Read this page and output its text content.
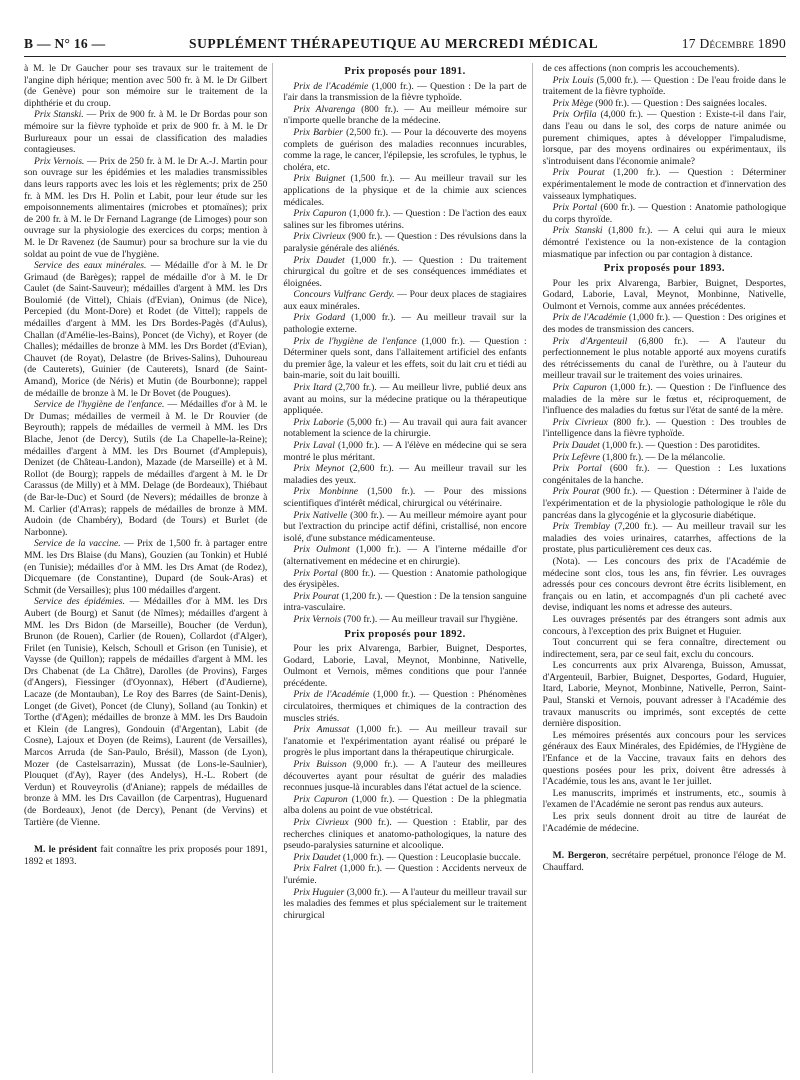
B — N° 16 —	SUPPLÉMENT THÉRAPEUTIQUE AU MERCREDI MÉDICAL	17 Décembre 1890

à M. le Dr Gaucher pour ses travaux sur le traitement de l'angine diph hérique; mention avec 500 fr. à M. le Dr Gilbert (de Genève) pour son mémoire sur le traitement de la diphthérie et du croup.

Prix Stanski. — Prix de 900 fr. à M. le Dr Bordas pour son mémoire sur la fièvre typhoïde et prix de 900 fr. à M. le Dr Burlureaux pour un essai de classification des maladies contagieuses.

Prix Vernois. — Prix de 250 fr. à M. le Dr A.-J. Martin pour son ouvrage sur les épidémies et les maladies transmissibles dans leurs rapports avec les lois et les règlements; prix de 250 fr. à MM. les Drs H. Polin et Labit, pour leur étude sur les empoisonnements alimentaires (microbes et ptomaïnes); prix de 200 fr. à M. le Dr Fernand Lagrange (de Limoges) pour son ouvrage sur la physiologie des exercices du corps; mention à M. le Dr Ravenez (de Saumur) pour sa brochure sur la vie du soldat au point de vue de l'hygiène.

Service des eaux minérales. — Médaille d'or à M. le Dr Grimaud (de Barèges); rappel de médaille d'or à M. le Dr Caulet (de Saint-Sauveur); médailles d'argent à MM. les Drs Boulomié (de Vittel), Chiais (d'Evian), Onimus (de Nice), Percepied (du Mont-Dore) et Rodet (de Vittel); rappels de médailles d'argent à MM. les Drs Bordes-Pagès (d'Aulus), Challan (d'Amélie-les-Bains), Poncet (de Vichy), et Royer (de Challes); médailles de bronze à MM. les Drs Bordet (d'Evian), Chauvet (de Royat), Delastre (de Brives-Salins), Duhoureau (de Cauterets), Guinier (de Cauterets), Isnard (de Saint-Amand), Morice (de Néris) et Mutin (de Bourbonne); rappel de médaille de bronze à M. le Dr Bovet (de Pougues).

Service de l'hygiène de l'enfance. — Médailles d'or à M. le Dr Dumas; médailles de vermeil à M. le Dr Rouvier (de Beyrouth); rappels de médailles de vermeil à MM. les Drs Blache, Jenot (de Dercy), Sutils (de La Chapelle-la-Reine); médailles d'argent à MM. les Drs Bournet (d'Amplepuis), Denizet (de Château-Landon), Mazade (de Marseille) et à M. Rollot (de Bourg); rappels de médailles d'argent à M. le Dr Carassus (de Milly) et à MM. Delage (de Bordeaux), Thiébaut (de Bar-le-Duc) et Sourd (de Nevers); médailles de bronze à M. Carlier (d'Arras); rappels de médailles de bronze à MM. Audoin (de Chambéry), Bodard (de Tours) et Burlet (de Narbonne).

Service de la vaccine. — Prix de 1,500 fr. à partager entre MM. les Drs Blaise (du Mans), Gouzien (au Tonkin) et Hublé (en Tunisie); médailles d'or à MM. les Drs Amat (de Rodez), Dicquemare (de Constantine), Dupard (de Souk-Aras) et Schmit (de Versailles); plus 100 médailles d'argent.

Service des épidémies. — Médailles d'or à MM. les Drs Aubert (de Bourg) et Sanut (de Nîmes); médailles d'argent à MM. les Drs Bidon (de Marseille), Boucher (de Verdun), Brunon (de Rouen), Carlier (de Rouen), Collardot (d'Alger), Frilet (en Tunisie), Kelsch, Schoull et Grison (en Tunisie), et Vaysse (de Quillon); rappels de médailles d'argent à MM. les Drs Chabenat (de La Châtre), Darolles (de Provins), Farges (d'Angers), Fiessinger (d'Oyonnax), Hébert (d'Audierne), Lacaze (de Montauban), Le Roy des Barres (de Saint-Denis), Longet (de Givet), Poncet (de Cluny), Solland (au Tonkin) et Torthe (d'Agen); médailles de bronze à MM. les Drs Baudoin et Klein (de Langres), Gondouin (d'Argentan), Labit (de Cosne), Lajoux et Doyen (de Reims), Laurent (de Versailles), Marcos Arruda (de San-Paulo, Brésil), Masson (de Lyon), Mozer (de Castelsarrazin), Mussat (de Lons-le-Saulnier), Plouquet (d'Ay), Rayer (des Andelys), H.-L. Robert (de Verdun) et Rouveyrolis (d'Aniane); rappels de médailles de bronze à MM. les Drs Cavaillon (de Carpentras), Huguenard (de Bordeaux), Jenot (de Dercy), Penant (de Vervins) et Tartière (de Vienne.

M. le président fait connaître les prix proposés pour 1891, 1892 et 1893.

Prix proposés pour 1891.

Prix de l'Académie (1,000 fr.). — Question : De la part de l'air dans la transmission de la fièvre typhoïde.

Prix Alvarenga (800 fr.). — Au meilleur mémoire sur n'importe quelle branche de la médecine.

Prix Barbier (2,500 fr.). — Pour la découverte des moyens complets de guérison des maladies reconnues incurables, comme la rage, le cancer, l'épilepsie, les scrofules, le typhus, le choléra, etc.

Prix Buignet (1,500 fr.). — Au meilleur travail sur les applications de la physique et de la chimie aux sciences médicales.

Prix Capuron (1,000 fr.). — Question : De l'action des eaux salines sur les fibromes utérins.

Prix Civrieux (900 fr.). — Question : Des révulsions dans la paralysie générale des aliénés.

Prix Daudet (1,000 fr.). — Question : Du traitement chirurgical du goître et de ses conséquences immédiates et éloignées.

Concours Vulfranc Gerdy. — Pour deux places de stagiaires aux eaux minérales.

Prix Godard (1,000 fr.). — Au meilleur travail sur la pathologie externe.

Prix de l'hygiène de l'enfance (1,000 fr.). — Question : Déterminer quels sont, dans l'allaitement artificiel des enfants du premier âge, la valeur et les effets, soit du lait cru et tiédi au bain-marie, soit du lait bouilli.

Prix Itard (2,700 fr.). — Au meilleur livre, publié deux ans avant au moins, sur la médecine pratique ou la thérapeutique appliquée.

Prix Laborie (5,000 fr.) — Au travail qui aura fait avancer notablement la science de la chirurgie.

Prix Laval (1,000 fr.). — A l'élève en médecine qui se sera montré le plus méritant.

Prix Meynot (2,600 fr.). — Au meilleur travail sur les maladies des yeux.

Prix Monbinne (1,500 fr.). — Pour des missions scientifiques d'intérêt médical, chirurgical ou vétérinaire.

Prix Nativelle (300 fr.). — Au meilleur mémoire ayant pour but l'extraction du principe actif défini, cristallisé, non encore isolé, d'une substance médicamenteuse.

Prix Oulmont (1,000 fr.). — A l'interne médaille d'or (alternativement en médecine et en chirurgie).

Prix Portal (800 fr.). — Question : Anatomie pathologique des érysipèles.

Prix Pourat (1,200 fr.). — Question : De la tension sanguine intra-vasculaire.

Prix Vernois (700 fr.). — Au meilleur travail sur l'hygiène.

Prix proposés pour 1892.

Pour les prix Alvarenga, Barbier, Buignet, Desportes, Godard, Laborie, Laval, Meynot, Monbinne, Nativelle, Oulmont et Vernois, mêmes conditions que pour l'année précédente.

Prix de l'Académie (1,000 fr.). — Question : Phénomènes circulatoires, thermiques et chimiques de la contraction des muscles striés.

Prix Amussat (1,000 fr.). — Au meilleur travail sur l'anatomie et l'expérimentation ayant réalisé ou préparé le progrès le plus important dans la thérapeutique chirurgicale.

Prix Buisson (9,000 fr.). — A l'auteur des meilleures découvertes ayant pour résultat de guérir des maladies reconnues jusque-là incurables dans l'état actuel de la science.

Prix Capuron (1,000 fr.). — Question : De la phlegmatia alba dolens au point de vue obstétrical.

Prix Civrieux (900 fr.). — Question : Etablir, par des recherches cliniques et anatomo-pathologiques, la nature des pseudo-paralysies saturnine et alcoolique.

Prix Daudet (1,000 fr.). — Question : Leucoplasie buccale.

Prix Falret (1,000 fr.). — Question : Accidents nerveux de l'urémie.

Prix Huguier (3,000 fr.). — A l'auteur du meilleur travail sur les maladies des femmes et plus spécialement sur le traitement chirurgical

de ces affections (non compris les accouchements).

Prix Louis (5,000 fr.). — Question : De l'eau froide dans le traitement de la fièvre typhoïde.

Prix Mège (900 fr.). — Question : Des saignées locales.

Prix Orfila (4,000 fr.). — Question : Existe-t-il dans l'air, dans l'eau ou dans le sol, des corps de nature animée ou purement chimiques, aptes à développer l'impaludisme, lorsque, par des moyens ordinaires ou expérimentaux, ils s'introduisent dans l'économie animale?

Prix Pourat (1,200 fr.). — Question : Déterminer expérimentalement le mode de contraction et d'innervation des vaisseaux lymphatiques.

Prix Portal (600 fr.). — Question : Anatomie pathologique du corps thyroïde.

Prix Stanski (1,800 fr.). — A celui qui aura le mieux démontré l'existence ou la non-existence de la contagion miasmatique par infection ou par contagion à distance.

Prix proposés pour 1893.

Pour les prix Alvarenga, Barbier, Buignet, Desportes, Godard, Laborie, Laval, Meynot, Monbinne, Nativelle, Oulmont et Vernois, comme aux années précédentes.

Prix de l'Académie (1,000 fr.). — Question : Des origines et des modes de transmission des cancers.

Prix d'Argenteuil (6,800 fr.). — A l'auteur du perfectionnement le plus notable apporté aux moyens curatifs des rétrécissements du canal de l'urèthre, ou à l'auteur du meilleur travail sur le traitement des voies urinaires.

Prix Capuron (1,000 fr.). — Question : De l'influence des maladies de la mère sur le fœtus et, réciproquement, de l'influence des maladies du fœtus sur l'état de santé de la mère.

Prix Civrieux (800 fr.). — Question : Des troubles de l'intelligence dans la fièvre typhoïde.

Prix Daudet (1,000 fr.). — Question : Des parotidites.

Prix Lefèvre (1,800 fr.). — De la mélancolie.

Prix Portal (600 fr.). — Question : Les luxations congénitales de la hanche.

Prix Pourat (900 fr.). — Question : Déterminer à l'aide de l'expérimentation et de la physiologie pathologique le rôle du pancréas dans la glycogénie et la glycosurie diabétique.

Prix Tremblay (7,200 fr.). — Au meilleur travail sur les maladies des voies urinaires, catarrhes, affections de la prostate, plus particulièrement ces deux cas.

(Nota). — Les concours des prix de l'Académie de médecine sont clos, tous les ans, fin février. Les ouvrages adressés pour ces concours devront être écrits lisiblement, en français ou en latin, et accompagnés d'un pli cacheté avec devise, indiquant les noms et adresse des auteurs.

Les ouvrages présentés par des étrangers sont admis aux concours, à l'exception des prix Buignet et Huguier.

Tout concurrent qui se fera connaître, directement ou indirectement, sera, par ce seul fait, exclu du concours.

Les concurrents aux prix Alvarenga, Buisson, Amussat, d'Argenteuil, Barbier, Buignet, Desportes, Godard, Huguier, Itard, Laborie, Meynot, Monbinne, Nativelle, Perron, Saint-Paul, Stanski et Vernois, pouvant adresser à l'Académie des travaux manuscrits ou imprimés, sont exceptés de cette dernière disposition.

Les mémoires présentés aux concours pour les services généraux des Eaux Minérales, des Epidémies, de l'Hygiène de l'Enfance et de la Vaccine, travaux faits en dehors des questions posées pour les prix, doivent être adressés à l'Académie, tous les ans, avant le 1er juillet.

Les manuscrits, imprimés et instruments, etc., soumis à l'examen de l'Académie ne seront pas rendus aux auteurs.

Les prix seuls donnent droit au titre de lauréat de l'Académie de médecine.

M. Bergeron, secrétaire perpétuel, prononce l'éloge de M. Chauffard.
